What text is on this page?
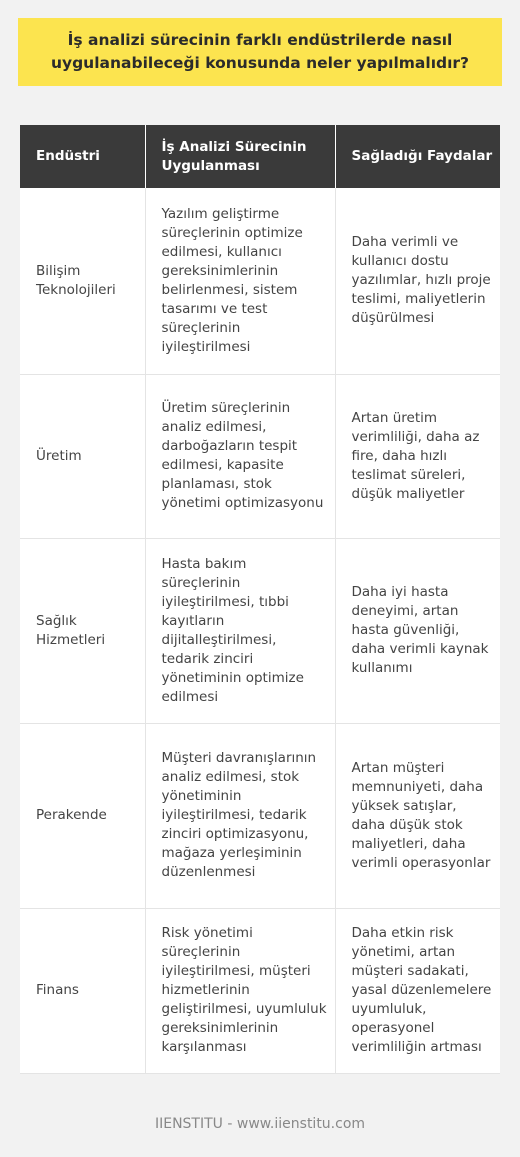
İş analizi sürecinin farklı endüstrilerde nasıl uygulanabileceği konusunda neler yapılmalıdır?
Endüstri	İş Analizi Sürecinin Uygulanması	Sağladığı Faydalar
Bilişim Teknolojileri	Yazılım geliştirme süreçlerinin optimize edilmesi, kullanıcı gereksinimlerinin belirlenmesi, sistem tasarımı ve test süreçlerinin iyileştirilmesi	Daha verimli ve kullanıcı dostu yazılımlar, hızlı proje teslimi, maliyetlerin düşürülmesi
Üretim	Üretim süreçlerinin analiz edilmesi, darboğazların tespit edilmesi, kapasite planlaması, stok yönetimi optimizasyonu	Artan üretim verimliliği, daha az fire, daha hızlı teslimat süreleri, düşük maliyetler
Sağlık Hizmetleri	Hasta bakım süreçlerinin iyileştirilmesi, tıbbi kayıtların dijitalleştirilmesi, tedarik zinciri yönetiminin optimize edilmesi	Daha iyi hasta deneyimi, artan hasta güvenliği, daha verimli kaynak kullanımı
Perakende	Müşteri davranışlarının analiz edilmesi, stok yönetiminin iyileştirilmesi, tedarik zinciri optimizasyonu, mağaza yerleşiminin düzenlenmesi	Artan müşteri memnuniyeti, daha yüksek satışlar, daha düşük stok maliyetleri, daha verimli operasyonlar
Finans	Risk yönetimi süreçlerinin iyileştirilmesi, müşteri hizmetlerinin geliştirilmesi, uyumluluk gereksinimlerinin karşılanması	Daha etkin risk yönetimi, artan müşteri sadakati, yasal düzenlemelere uyumluluk, operasyonel verimliliğin artması
IIENSTITU - www.iienstitu.com
